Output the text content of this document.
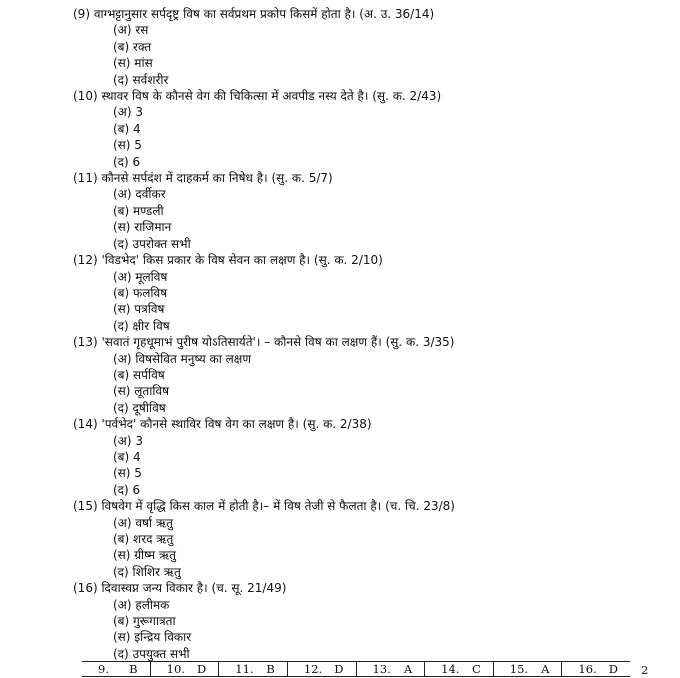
(9) वाग्भट्टानुसार सर्पदृष्ट्र विष का सर्वप्रथम प्रकोप किसमें होता है। (अ. उ. 36/14)
(अ) रस
(ब) रक्त
(स) मांस
(द) सर्वशरीर
(10) स्थावर विष के कौनसे वेग की चिकित्सा में अवपीड नस्य देते है। (सु. क. 2/43)
(अ) 3
(ब) 4
(स) 5
(द) 6
(11) कौनसे सर्पदंश में दाहकर्म का निषेध है। (सु. क. 5/7)
(अ) दर्वीकर
(ब) मण्डली
(स) राजिमान
(द) उपरोक्त सभी
(12) 'विडभेद' किस प्रकार के विष सेवन का लक्षण है। (सु. क. 2/10)
(अ) मूलविष
(ब) फलविष
(स) पत्रविष
(द) क्षीर विष
(13) 'सवातं गृहधूमाभं पुरीष योऽतिसार्यते'। – कौनसे विष का लक्षण हैं। (सु. क. 3/35)
(अ) विषसेवित मनुष्य का लक्षण
(ब) सर्पविष
(स) लूताविष
(द) दूषीविष
(14) 'पर्वभेद' कौनसे स्थाविर विष वेग का लक्षण है। (सु. क. 2/38)
(अ) 3
(ब) 4
(स) 5
(द) 6
(15) विषवेग में वृद्धि किस काल में होती है।– में विष तेजी से फैलता है। (च. चि. 23/8)
(अ) वर्षा ऋतु
(ब) शरद ऋतु
(स) ग्रीष्म ऋतु
(द) शिशिर ऋतु
(16) दिवास्वप्न जन्य विकार है। (च. सू. 21/49)
(अ) हलीमक
(ब) गुरूगात्रता
(स) इन्द्रिय विकार
(द) उपयुक्त सभी
9. B	10. D	11. B	12. D	13. A	14. C	15. A	16. D 2
